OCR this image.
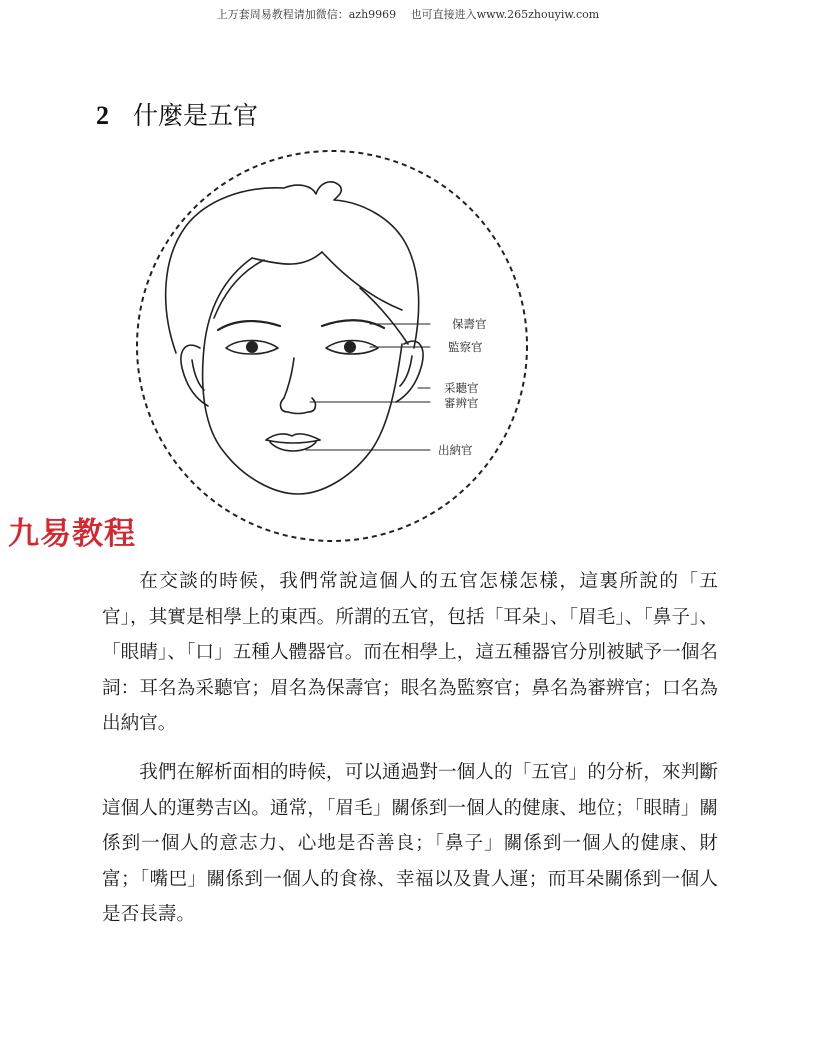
上万套周易教程请加微信：azh9969　 也可直接进入www.265zhouyiw.com
2 什麼是五官
保壽官
監察官
采聽官
審辨官
出納官
九易教程

在交談的時候，我們常說這個人的五官怎樣怎樣，這裏所說的「五官」，其實是相學上的東西。所謂的五官，包括「耳朵」、「眉毛」、「鼻子」、「眼睛」、「口」五種人體器官。而在相學上，這五種器官分別被賦予一個名詞：耳名為采聽官；眉名為保壽官；眼名為監察官；鼻名為審辨官；口名為出納官。

我們在解析面相的時候，可以通過對一個人的「五官」的分析，來判斷這個人的運勢吉凶。通常，「眉毛」關係到一個人的健康、地位；「眼睛」關係到一個人的意志力、心地是否善良；「鼻子」關係到一個人的健康、財富；「嘴巴」關係到一個人的食祿、幸福以及貴人運；而耳朵關係到一個人是否長壽。
